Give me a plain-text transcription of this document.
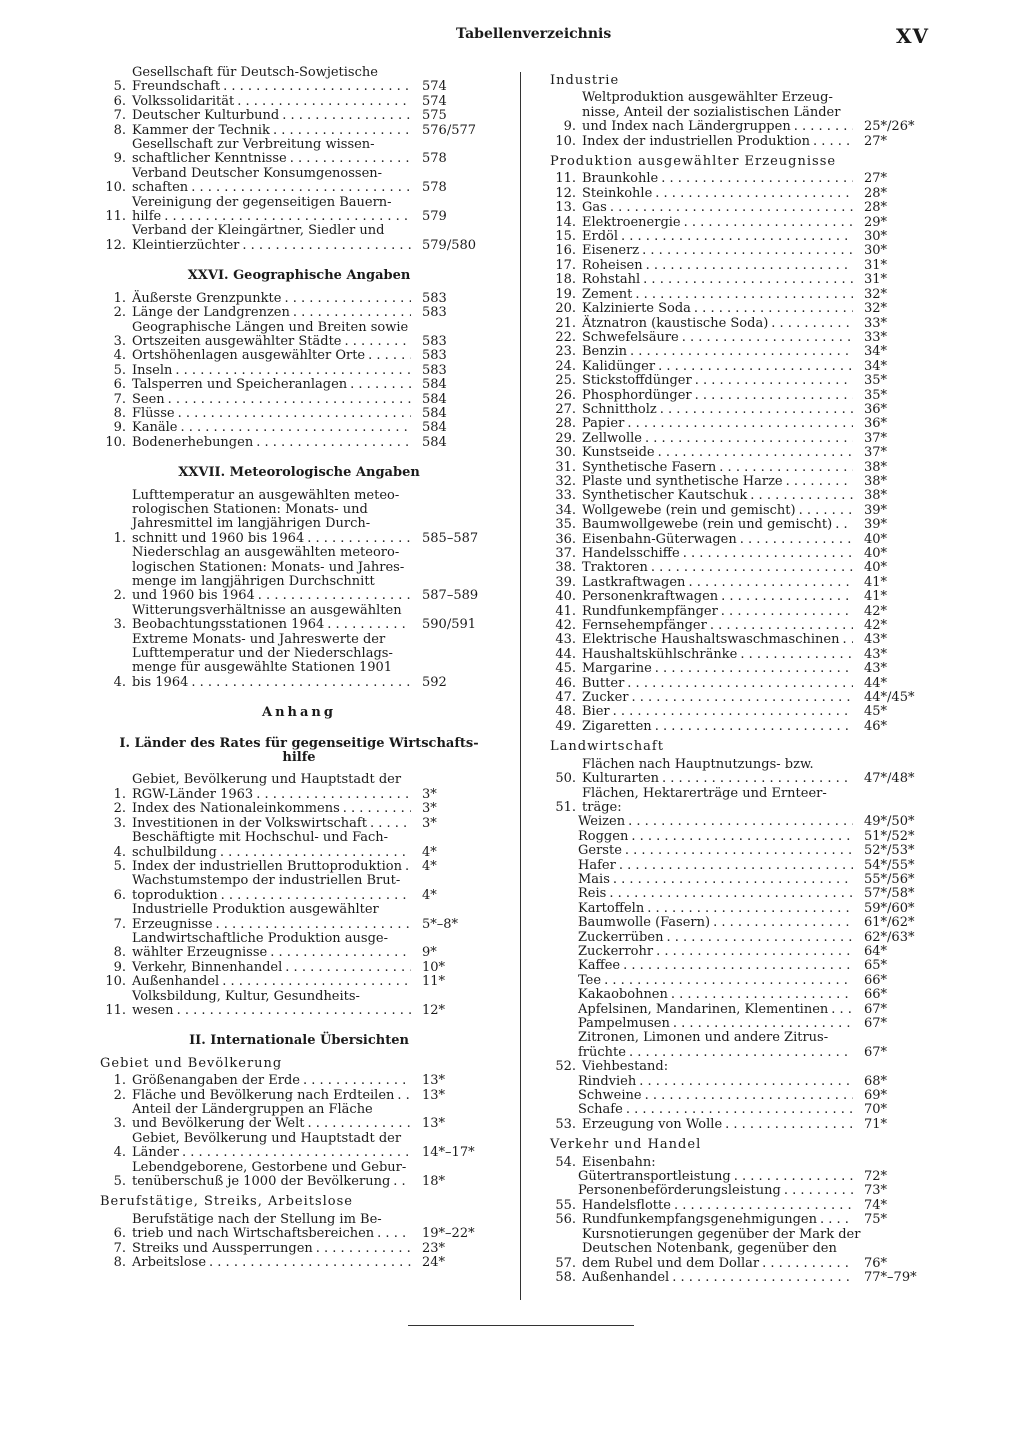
Tabellenverzeichnis	XV
5.
Gesellschaft für Deutsch-Sowjetische
Freundschaft . . .	574
6. Volkssolidarität . . .	574
7. Deutscher Kulturbund . . .	575
8. Kammer der Technik . . .	576/577
9.
Gesellschaft zur Verbreitung wissen-
schaftlicher Kenntnisse . . .	578
10.
Verband Deutscher Konsumgenossen-
schaften . . .	578
11.
Vereinigung der gegenseitigen Bauern-
hilfe . . .	579
12.
Verband der Kleingärtner, Siedler und
Kleintierzüchter . . .	579/580
XXVI. Geographische Angaben
1. Äußerste Grenzpunkte . . .	583
2. Länge der Landgrenzen . . .	583
3.
Geographische Längen und Breiten sowie
Ortszeiten ausgewählter Städte . . .	583
4. Ortshöhenlagen ausgewählter Orte . . .	583
5. Inseln . . .	583
6. Talsperren und Speicheranlagen . . .	584
7. Seen . . .	584
8. Flüsse . . .	584
9. Kanäle . . .	584
10. Bodenerhebungen . . .	584
XXVII. Meteorologische Angaben
1.
Lufttemperatur an ausgewählten meteo-
rologischen Stationen: Monats- und
Jahresmittel im langjährigen Durch-
schnitt und 1960 bis 1964 . . .	585–587
2.
Niederschlag an ausgewählten meteoro-
logischen Stationen: Monats- und Jahres-
menge im langjährigen Durchschnitt
und 1960 bis 1964 . . .	587–589
3.
Witterungsverhältnisse an ausgewählten
Beobachtungsstationen 1964 . . .	590/591
4.
Extreme Monats- und Jahreswerte der
Lufttemperatur und der Niederschlags-
menge für ausgewählte Stationen 1901
bis 1964 . . .	592
Anhang
I. Länder des Rates für gegenseitige Wirtschafts-
hilfe
1.
Gebiet, Bevölkerung und Hauptstadt der
RGW-Länder 1963 . . .	3*
2. Index des Nationaleinkommens . . .	3*
3. Investitionen in der Volkswirtschaft . . .	3*
4.
Beschäftigte mit Hochschul- und Fach-
schulbildung . . .	4*
5. Index der industriellen Bruttoproduktion . . .	4*
6.
Wachstumstempo der industriellen Brut-
toproduktion . . .	4*
7.
Industrielle Produktion ausgewählter
Erzeugnisse . . .	5*–8*
8.
Landwirtschaftliche Produktion ausge-
wählter Erzeugnisse . . .	9*
9. Verkehr, Binnenhandel . . .	10*
10. Außenhandel . . .	11*
11.
Volksbildung, Kultur, Gesundheits-
wesen . . .	12*
II. Internationale Übersichten
Gebiet und Bevölkerung
1. Größenangaben der Erde . . .	13*
2. Fläche und Bevölkerung nach Erdteilen . . .	13*
3.
Anteil der Ländergruppen an Fläche
und Bevölkerung der Welt . . .	13*
4.
Gebiet, Bevölkerung und Hauptstadt der
Länder . . .	14*–17*
5.
Lebendgeborene, Gestorbene und Gebur-
tenüberschuß je 1000 der Bevölkerung . . .	18*
Berufstätige, Streiks, Arbeitslose
6.
Berufstätige nach der Stellung im Be-
trieb und nach Wirtschaftsbereichen . . .	19*–22*
7. Streiks und Aussperrungen . . .	23*
8. Arbeitslose . . .	24*
Industrie
9.
Weltproduktion ausgewählter Erzeug-
nisse, Anteil der sozialistischen Länder
und Index nach Ländergruppen . . .	25*/26*
10. Index der industriellen Produktion . . .	27*
Produktion ausgewählter Erzeugnisse
11. Braunkohle . . .	27*
12. Steinkohle . . .	28*
13. Gas . . .	28*
14. Elektroenergie . . .	29*
15. Erdöl . . .	30*
16. Eisenerz . . .	30*
17. Roheisen . . .	31*
18. Rohstahl . . .	31*
19. Zement . . .	32*
20. Kalzinierte Soda . . .	32*
21. Ätznatron (kaustische Soda) . . .	33*
22. Schwefelsäure . . .	33*
23. Benzin . . .	34*
24. Kalidünger . . .	34*
25. Stickstoffdünger . . .	35*
26. Phosphordünger . . .	35*
27. Schnittholz . . .	36*
28. Papier . . .	36*
29. Zellwolle . . .	37*
30. Kunstseide . . .	37*
31. Synthetische Fasern . . .	38*
32. Plaste und synthetische Harze . . .	38*
33. Synthetischer Kautschuk . . .	38*
34. Wollgewebe (rein und gemischt) . . .	39*
35. Baumwollgewebe (rein und gemischt) . . .	39*
36. Eisenbahn-Güterwagen . . .	40*
37. Handelsschiffe . . .	40*
38. Traktoren . . .	40*
39. Lastkraftwagen . . .	41*
40. Personenkraftwagen . . .	41*
41. Rundfunkempfänger . . .	42*
42. Fernsehempfänger . . .	42*
43. Elektrische Haushaltswaschmaschinen . . .	43*
44. Haushaltskühlschränke . . .	43*
45. Margarine . . .	43*
46. Butter . . .	44*
47. Zucker . . .	44*/45*
48. Bier . . .	45*
49. Zigaretten . . .	46*
Landwirtschaft
50.
Flächen nach Hauptnutzungs- bzw.
Kulturarten . . .	47*/48*
51.
Flächen, Hektarerträge und Ernteer-
träge:
Weizen . . .	49*/50*
Roggen . . .	51*/52*
Gerste . . .	52*/53*
Hafer . . .	54*/55*
Mais . . .	55*/56*
Reis . . .	57*/58*
Kartoffeln . . .	59*/60*
Baumwolle (Fasern) . . .	61*/62*
Zuckerrüben . . .	62*/63*
Zuckerrohr . . .	64*
Kaffee . . .	65*
Tee . . .	66*
Kakaobohnen . . .	66*
Apfelsinen, Mandarinen, Klementinen . . .	67*
Pampelmusen . . .	67*
Zitronen, Limonen und andere Zitrus-
früchte . . .	67*
52. Viehbestand:
Rindvieh . . .	68*
Schweine . . .	69*
Schafe . . .	70*
53. Erzeugung von Wolle . . .	71*
Verkehr und Handel
54. Eisenbahn:
Gütertransportleistung . . .	72*
Personenbeförderungsleistung . . .	73*
55. Handelsflotte . . .	74*
56. Rundfunkempfangsgenehmigungen . . .	75*
57.
Kursnotierungen gegenüber der Mark der
Deutschen Notenbank, gegenüber den
dem Rubel und dem Dollar . . .	76*
58. Außenhandel . . .	77*–79*
